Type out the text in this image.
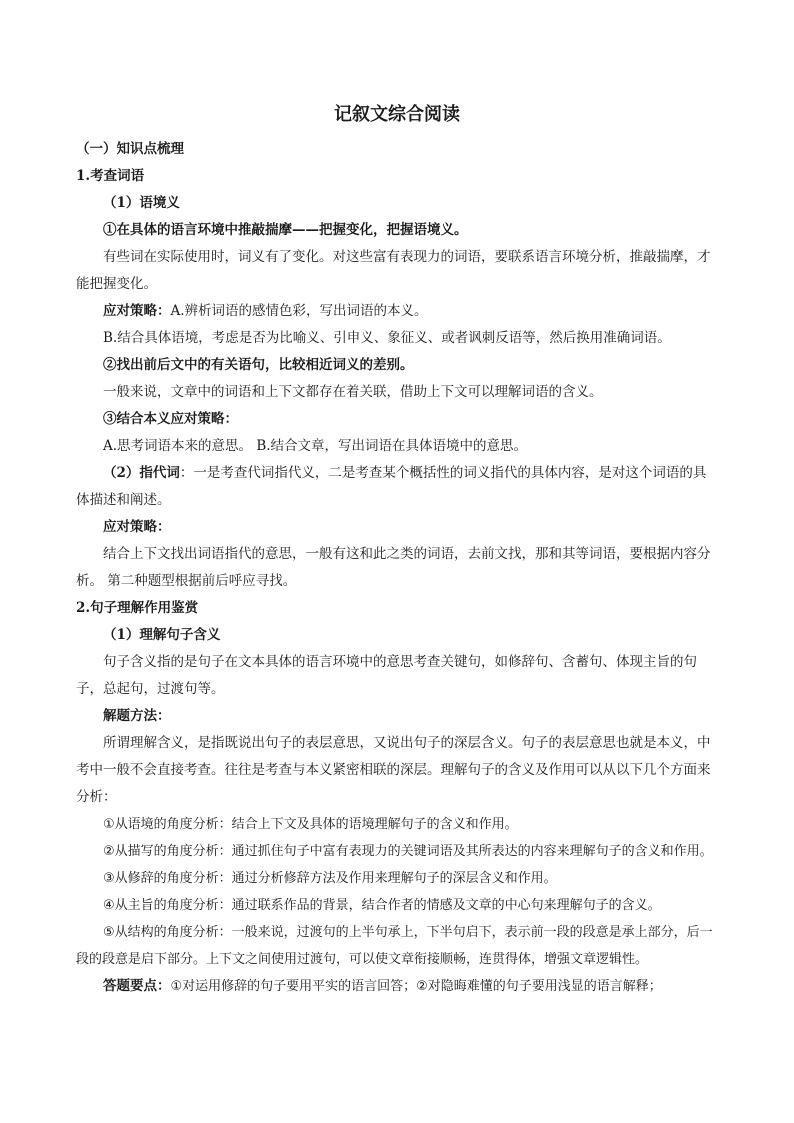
记叙文综合阅读

（一）知识点梳理

1.考查词语

（1）语境义

①在具体的语言环境中推敲揣摩——把握变化，把握语境义。

有些词在实际使用时，词义有了变化。对这些富有表现力的词语，要联系语言环境分析，推敲揣摩，才能把握变化。

应对策略：A.辨析词语的感情色彩，写出词语的本义。

B.结合具体语境，考虑是否为比喻义、引申义、象征义、或者讽刺反语等，然后换用准确词语。

②找出前后文中的有关语句，比较相近词义的差别。

一般来说，文章中的词语和上下文都存在着关联，借助上下文可以理解词语的含义。

③结合本义应对策略：

A.思考词语本来的意思。 B.结合文章，写出词语在具体语境中的意思。

（2）指代词：一是考查代词指代义，二是考查某个概括性的词义指代的具体内容，是对这个词语的具体描述和阐述。

应对策略：

结合上下文找出词语指代的意思，一般有这和此之类的词语，去前文找，那和其等词语，要根据内容分析。 第二种题型根据前后呼应寻找。

2.句子理解作用鉴赏

（1）理解句子含义

句子含义指的是句子在文本具体的语言环境中的意思考查关键句，如修辞句、含蓄句、体现主旨的句子，总起句，过渡句等。

解题方法：

所谓理解含义，是指既说出句子的表层意思，又说出句子的深层含义。句子的表层意思也就是本义，中考中一般不会直接考查。往往是考查与本义紧密相联的深层。理解句子的含义及作用可以从以下几个方面来分析：

①从语境的角度分析：结合上下文及具体的语境理解句子的含义和作用。

②从描写的角度分析：通过抓住句子中富有表现力的关键词语及其所表达的内容来理解句子的含义和作用。

③从修辞的角度分析：通过分析修辞方法及作用来理解句子的深层含义和作用。

④从主旨的角度分析：通过联系作品的背景，结合作者的情感及文章的中心句来理解句子的含义。

⑤从结构的角度分析：一般来说，过渡句的上半句承上，下半句启下，表示前一段的段意是承上部分，后一段的段意是启下部分。上下文之间使用过渡句，可以使文章衔接顺畅，连贯得体，增强文章逻辑性。

答题要点：①对运用修辞的句子要用平实的语言回答；②对隐晦难懂的句子要用浅显的语言解释；
